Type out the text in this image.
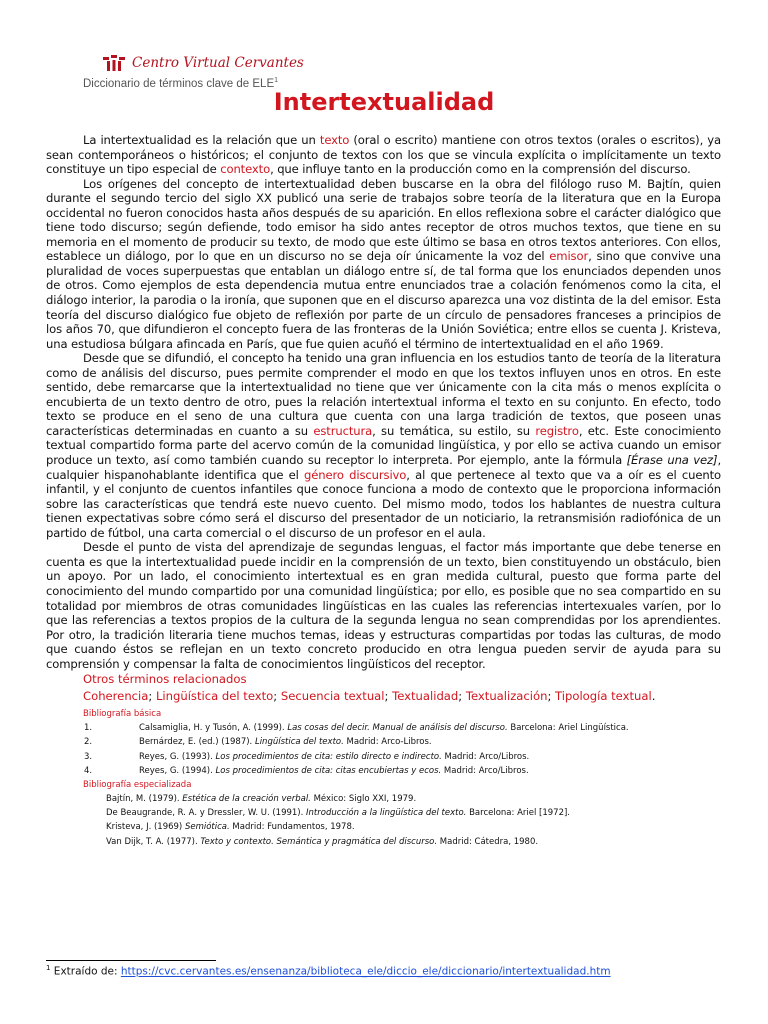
Centro Virtual Cervantes
Diccionario de términos clave de ELE$^1$
Intertextualidad

La intertextualidad es la relación que un texto (oral o escrito) mantiene con otros textos (orales o escritos), ya sean contemporáneos o históricos; el conjunto de textos con los que se vincula explícita o implícitamente un texto constituye un tipo especial de contexto, que influye tanto en la producción como en la comprensión del discurso.

Los orígenes del concepto de intertextualidad deben buscarse en la obra del filólogo ruso M. Bajtín, quien durante el segundo tercio del siglo XX publicó una serie de trabajos sobre teoría de la literatura que en la Europa occidental no fueron conocidos hasta años después de su aparición. En ellos reflexiona sobre el carácter dialógico que tiene todo discurso; según defiende, todo emisor ha sido antes receptor de otros muchos textos, que tiene en su memoria en el momento de producir su texto, de modo que este último se basa en otros textos anteriores. Con ellos, establece un diálogo, por lo que en un discurso no se deja oír únicamente la voz del emisor, sino que convive una pluralidad de voces superpuestas que entablan un diálogo entre sí, de tal forma que los enunciados dependen unos de otros. Como ejemplos de esta dependencia mutua entre enunciados trae a colación fenómenos como la cita, el diálogo interior, la parodia o la ironía, que suponen que en el discurso aparezca una voz distinta de la del emisor. Esta teoría del discurso dialógico fue objeto de reflexión por parte de un círculo de pensadores franceses a principios de los años 70, que difundieron el concepto fuera de las fronteras de la Unión Soviética; entre ellos se cuenta J. Kristeva, una estudiosa búlgara afincada en París, que fue quien acuñó el término de intertextualidad en el año 1969.

Desde que se difundió, el concepto ha tenido una gran influencia en los estudios tanto de teoría de la literatura como de análisis del discurso, pues permite comprender el modo en que los textos influyen unos en otros. En este sentido, debe remarcarse que la intertextualidad no tiene que ver únicamente con la cita más o menos explícita o encubierta de un texto dentro de otro, pues la relación intertextual informa el texto en su conjunto. En efecto, todo texto se produce en el seno de una cultura que cuenta con una larga tradición de textos, que poseen unas características determinadas en cuanto a su estructura, su temática, su estilo, su registro, etc. Este conocimiento textual compartido forma parte del acervo común de la comunidad lingüística, y por ello se activa cuando un emisor produce un texto, así como también cuando su receptor lo interpreta. Por ejemplo, ante la fórmula [Érase una vez], cualquier hispanohablante identifica que el género discursivo, al que pertenece al texto que va a oír es el cuento infantil, y el conjunto de cuentos infantiles que conoce funciona a modo de contexto que le proporciona información sobre las características que tendrá este nuevo cuento. Del mismo modo, todos los hablantes de nuestra cultura tienen expectativas sobre cómo será el discurso del presentador de un noticiario, la retransmisión radiofónica de un partido de fútbol, una carta comercial o el discurso de un profesor en el aula.

Desde el punto de vista del aprendizaje de segundas lenguas, el factor más importante que debe tenerse en cuenta es que la intertextualidad puede incidir en la comprensión de un texto, bien constituyendo un obstáculo, bien un apoyo. Por un lado, el conocimiento intertextual es en gran medida cultural, puesto que forma parte del conocimiento del mundo compartido por una comunidad lingüística; por ello, es posible que no sea compartido en su totalidad por miembros de otras comunidades lingüísticas en las cuales las referencias intertexuales varíen, por lo que las referencias a textos propios de la cultura de la segunda lengua no sean comprendidas por los aprendientes. Por otro, la tradición literaria tiene muchos temas, ideas y estructuras compartidas por todas las culturas, de modo que cuando éstos se reflejan en un texto concreto producido en otra lengua pueden servir de ayuda para su comprensión y compensar la falta de conocimientos lingüísticos del receptor.

Otros términos relacionados
Coherencia; Lingüística del texto; Secuencia textual; Textualidad; Textualización; Tipología textual.
Bibliografía básica
1.	Calsamiglia, H. y Tusón, A. (1999). Las cosas del decir. Manual de análisis del discurso. Barcelona: Ariel Lingüística.
2.	Bernárdez, E. (ed.) (1987). Lingüística del texto. Madrid: Arco-Libros.
3.	Reyes, G. (1993). Los procedimientos de cita: estilo directo e indirecto. Madrid: Arco/Libros.
4.	Reyes, G. (1994). Los procedimientos de cita: citas encubiertas y ecos. Madrid: Arco/Libros.
Bibliografía especializada
Bajtín, M. (1979). Estética de la creación verbal. México: Siglo XXI, 1979.
De Beaugrande, R. A. y Dressler, W. U. (1991). Introducción a la lingüística del texto. Barcelona: Ariel [1972].
Kristeva, J. (1969) Semiótica. Madrid: Fundamentos, 1978.
Van Dijk, T. A. (1977). Texto y contexto. Semántica y pragmática del discurso. Madrid: Cátedra, 1980.
$^1$ Extraído de: https://cvc.cervantes.es/ensenanza/biblioteca_ele/diccio_ele/diccionario/intertextualidad.htm
